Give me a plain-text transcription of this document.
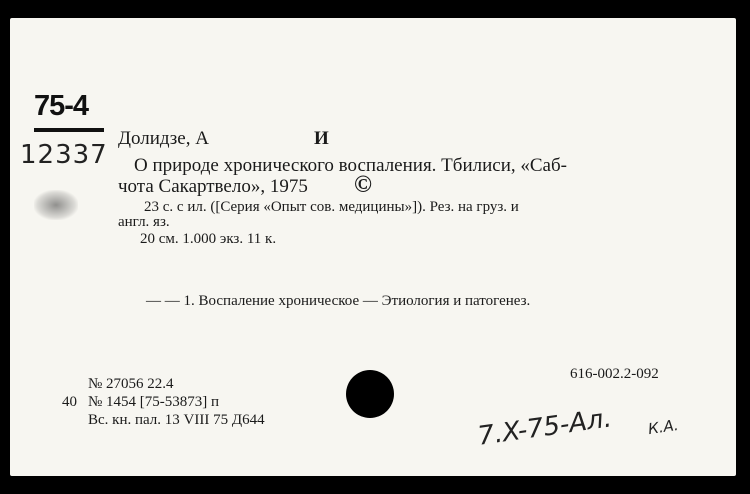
75-4
12337
Долидзе, А	И
О природе хронического воспаления. Тбилиси, «Саб-
чота Сакартвело», 1975 ©
23 с. с ил. ([Серия «Опыт сов. медицины»]). Рез. на груз. и
англ. яз.
20 см. 1.000 экз. 11 к.
— — 1. Воспаление хроническое — Этиология и патогенез.
616-002.2-092
№ 27056 22.4
40 № 1454 [75-53873] п
Вс. кн. пал. 13 VIII 75 Д644	7.X-75-Ал. К.А.
